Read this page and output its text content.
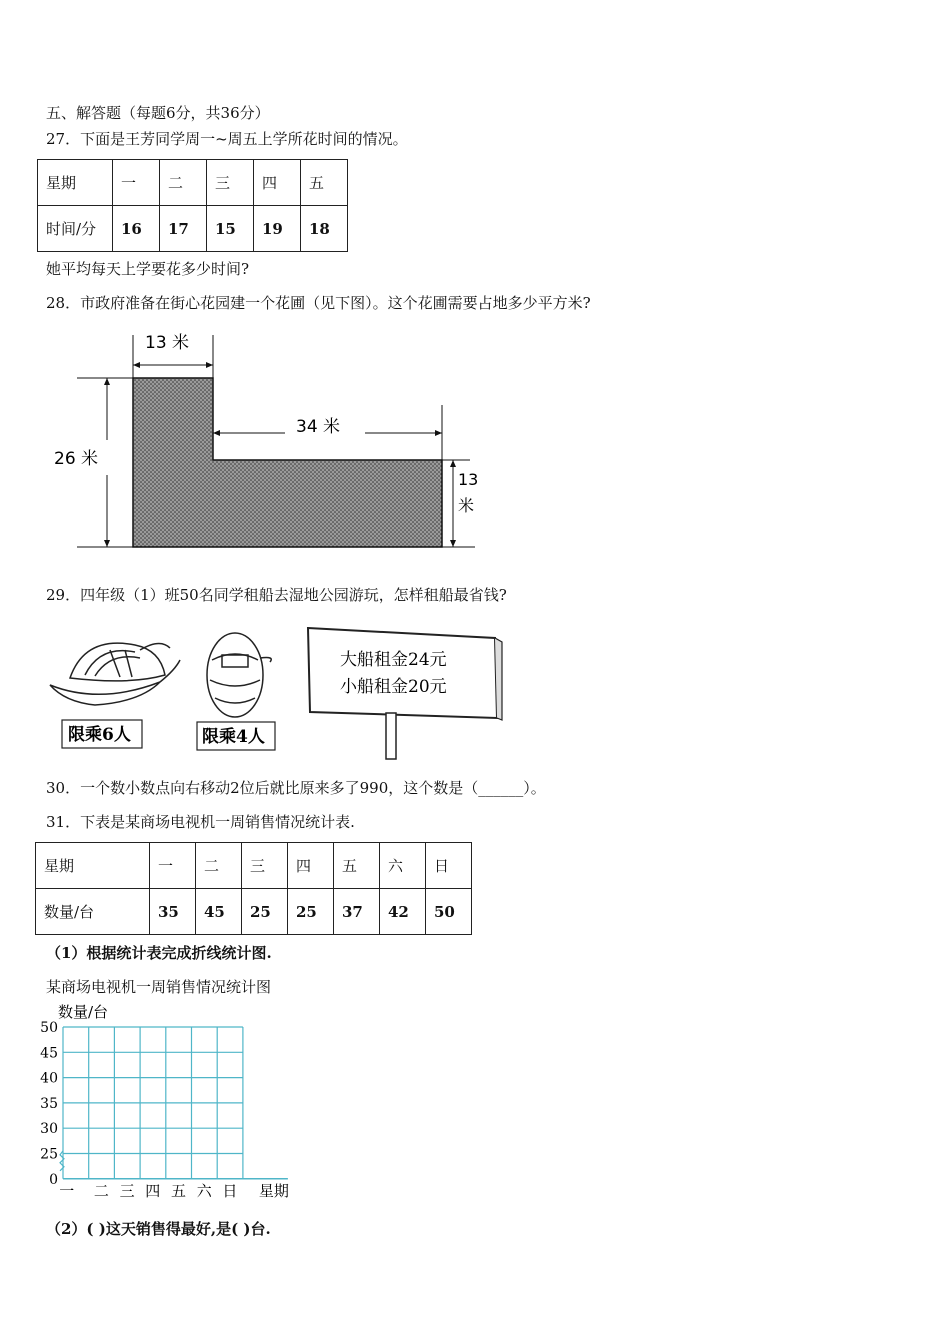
五、解答题（每题6分，共36分）
27．下面是王芳同学周一~周五上学所花时间的情况。
星期	一	二	三	四	五
时间/分	16	17	15	19	18
她平均每天上学要花多少时间?
28．市政府准备在街心花园建一个花圃（见下图）。这个花圃需要占地多少平方米?
13 米
34 米
26 米
13
米
29．四年级（1）班50名同学租船去湿地公园游玩，怎样租船最省钱?
限乘6人	限乘4人
大船租金24元
小船租金20元
30．一个数小数点向右移动2位后就比原来多了990，这个数是（______）。
31．下表是某商场电视机一周销售情况统计表.
星期	一	二	三	四	五	六	日
数量/台	35	45	25	25	37	42	50
（1）根据统计表完成折线统计图.
某商场电视机一周销售情况统计图
50
45
40
35
30
25
0
一 二 三 四 五 六 日
数量/台
星期
（2）( )这天销售得最好,是( )台.
